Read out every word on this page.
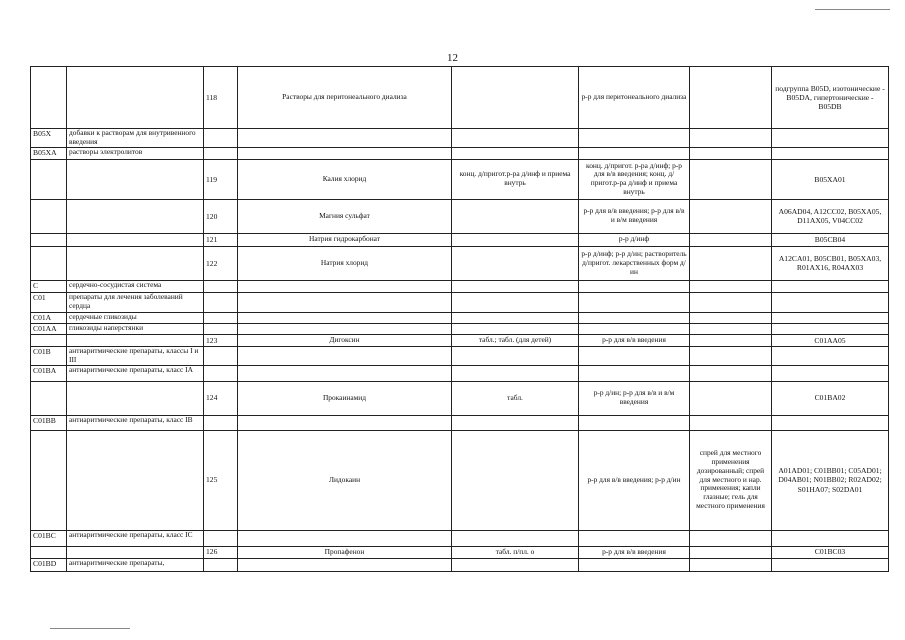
12
		118	Растворы для перитонеального диализа		р-р для перитонеального диализа		подгруппа B05D, изотонические - B05DA, гипертонические - B05DB
B05X	добавки к растворам для внутривенного введения						
B05XA	растворы электролитов						
		119	Калия хлорид	конц. д/пригот.р-ра д/инф и приема внутрь	конц. д/пригот. р-ра д/инф; р-р для в/в введения; конц. д/пригот.р-ра д/инф и приема внутрь		B05XA01
		120	Магния сульфат		р-р для в/в введения; р-р для в/в и в/м введения		A06AD04, A12CC02, B05XA05, D11AX05, V04CC02
		121	Натрия гидрокарбонат		р-р д/инф		B05CB04
		122	Натрия хлорид		р-р д/инф; р-р д/ин; растворитель д/пригот. лекарственных форм д/ин		A12CA01, B05CB01, B05XA03, R01AX16, R04AX03
C	сердечно-сосудистая система						
C01	препараты для лечения заболеваний сердца						
C01A	сердечные гликозиды						
C01AA	гликозиды наперстянки						
		123	Дигоксин	табл.; табл. (для детей)	р-р для в/в введения		C01AA05
C01B	антиаритмические препараты, классы I и III						
C01BA	антиаритмические препараты, класс IA						
		124	Прокаинамид	табл.	р-р д/ин; р-р для в/в и в/м введения		C01BA02
C01BB	антиаритмические препараты, класс IB						
		125	Лидокаин		р-р для в/в введения; р-р д/ин	спрей для местного применения дозированный; спрей для местного и нар. применения; капли глазные; гель для местного применения	A01AD01; C01BB01; C05AD01; D04AB01; N01BB02; R02AD02; S01HA07; S02DA01
C01BC	антиаритмические препараты, класс IC						
		126	Пропафенон	табл. п/пл. о	р-р для в/в введения		C01BC03
C01BD	антиаритмические препараты,						
